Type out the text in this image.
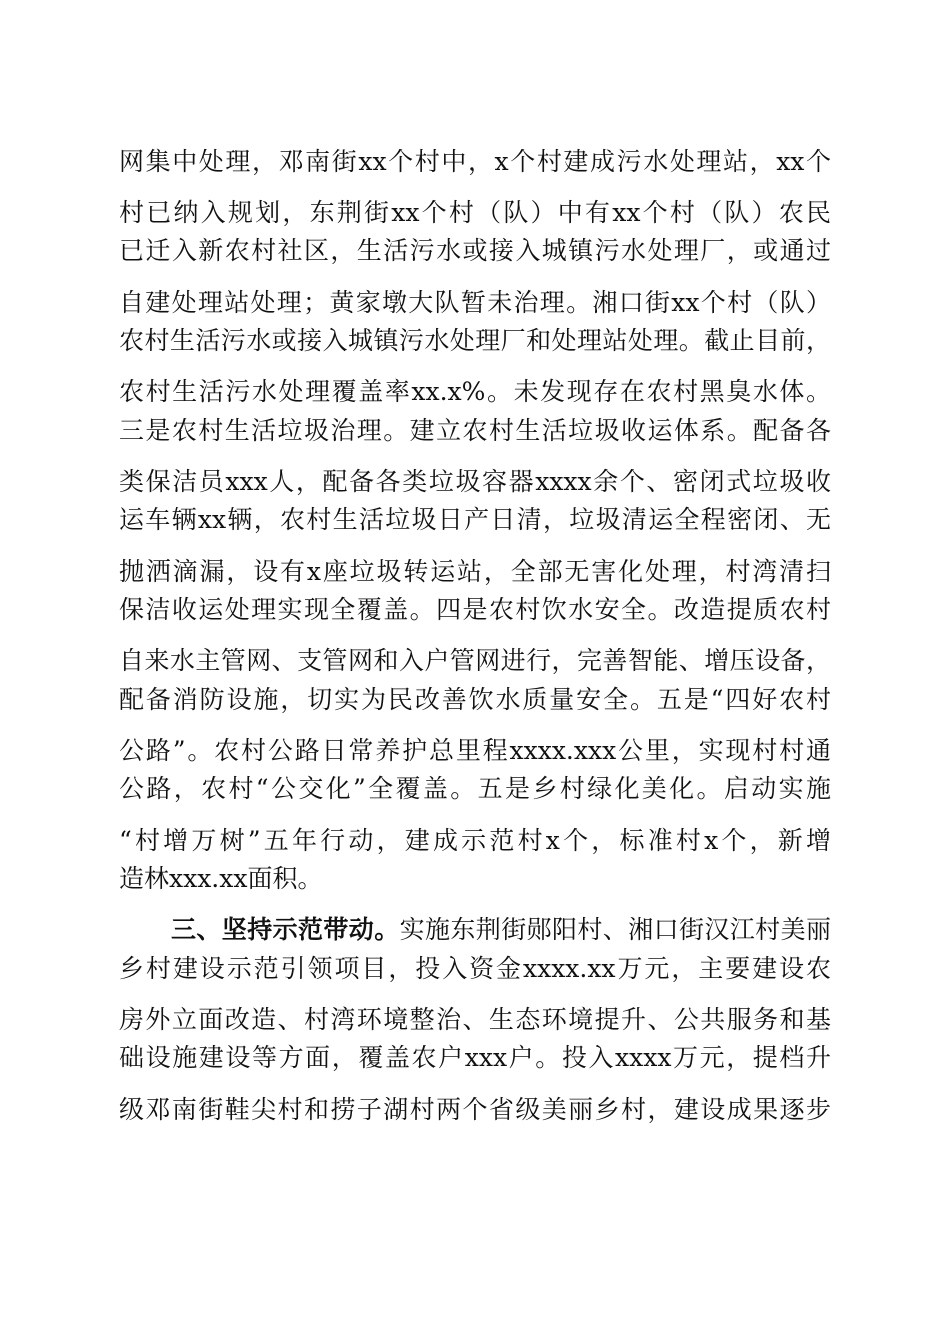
网集中处理，邓南街xx个村中，x个村建成污水处理站，xx个
村已纳入规划，东荆街xx个村（队）中有xx个村（队）农民
已迁入新农村社区，生活污水或接入城镇污水处理厂，或通过
自建处理站处理；黄家墩大队暂未治理。湘口街xx个村（队）
农村生活污水或接入城镇污水处理厂和处理站处理。截止目前，
农村生活污水处理覆盖率xx.x%。未发现存在农村黑臭水体。
三是农村生活垃圾治理。建立农村生活垃圾收运体系。配备各
类保洁员xxx人，配备各类垃圾容器xxxx余个、密闭式垃圾收
运车辆xx辆，农村生活垃圾日产日清，垃圾清运全程密闭、无
抛洒滴漏，设有x座垃圾转运站，全部无害化处理，村湾清扫
保洁收运处理实现全覆盖。四是农村饮水安全。改造提质农村
自来水主管网、支管网和入户管网进行，完善智能、增压设备，
配备消防设施，切实为民改善饮水质量安全。五是“四好农村
公路”。农村公路日常养护总里程xxxx.xxx公里，实现村村通
公路，农村“公交化”全覆盖。五是乡村绿化美化。启动实施
“村增万树”五年行动，建成示范村x个，标准村x个，新增
造林xxx.xx面积。
三、坚持示范带动。实施东荆街郧阳村、湘口街汉江村美丽
乡村建设示范引领项目，投入资金xxxx.xx万元，主要建设农
房外立面改造、村湾环境整治、生态环境提升、公共服务和基
础设施建设等方面，覆盖农户xxx户。投入xxxx万元，提档升
级邓南街鞋尖村和捞子湖村两个省级美丽乡村，建设成果逐步
